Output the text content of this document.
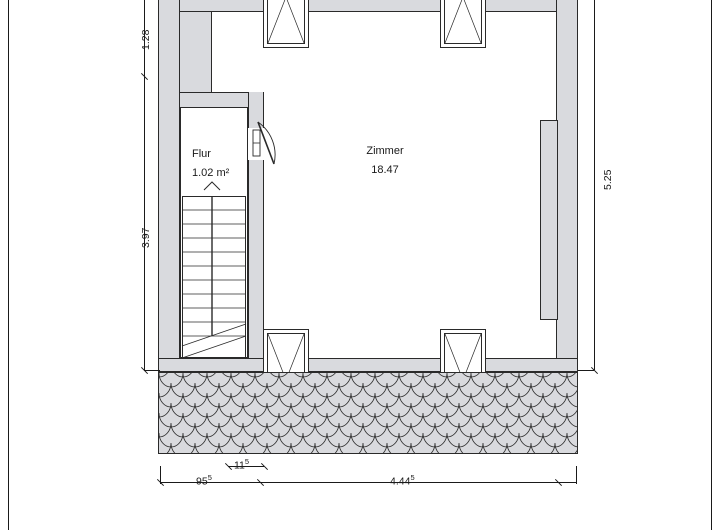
Flur
1.02 m²
Zimmer
18.47
1.28
3.97
5.25
$11^5$
$95^5$	4.44$^5$
